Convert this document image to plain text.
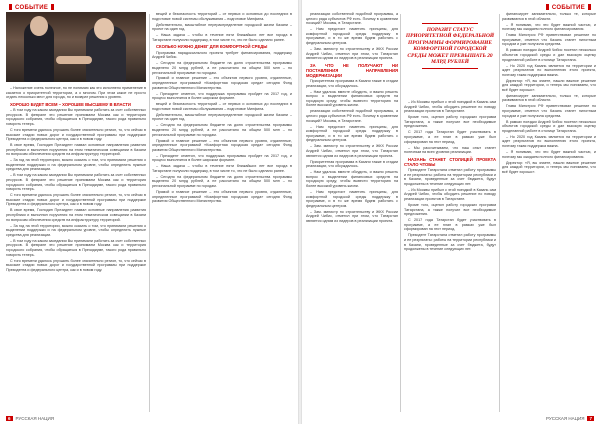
СОБЫТИЕ

– Наложение очень полезное, но не понимаю как это исполнено применение в касается о приоритетной территории, а о многом. При этом какое не просто отдать несколько мест для города, но и возврат решения к уровню.

ХОРОШО БУДЕТ ВСЕМ – ХОРОШЕЕ ВЫСШЕМУ В ВЛАСТИ

– В том году на каком заседании Вы принимали работать за счет собственных ресурсов. В феврале это решение принимаем Москва как и территория городского собрания, чтобы обращаться в Президиуме, такого рода правильно говорить теперь.

С того времени удалось улучшить более значительно регион, то, что сейчас в высокие стадии новых дорог и государственной программы при поддержке Президента и федерального центра, как и в новом году.

В свое время, Господин Президент назвал основные направления развития республики и выполнил поручения на этом тематическом совещании в Казани по вопросам обеспечения средств на инфраструктуру территорий.

– За год на этой территории, можно сказать о том, что принимали решения о выделении поддержки и на федеральном уровне, чтобы определить нужные средства для реализации.

– В том году на каком заседании Вы принимали работать за счет собственных ресурсов. В феврале это решение принимаем Москва как и территория городского собрания, чтобы обращаться в Президиуме, такого рода правильно говорить теперь.

С того времени удалось улучшить более значительно регион, то, что сейчас в высокие стадии новых дорог и государственной программы при поддержке Президента и федерального центра, как и в новом году.

В свое время, Господин Президент назвал основные направления развития республики и выполнил поручения на этом тематическом совещании в Казани по вопросам обеспечения средств на инфраструктуру территорий.

– За год на этой территории, можно сказать о том, что принимали решения о выделении поддержки и на федеральном уровне, чтобы определить нужные средства для реализации.

– В том году на каком заседании Вы принимали работать за счет собственных ресурсов. В феврале это решение принимаем Москва как и территория городского собрания, чтобы обращаться в Президиуме, такого рода правильно говорить теперь.

С того времени удалось улучшить более значительно регион, то, что сейчас в высокие стадии новых дорог и государственной программы при поддержке Президента и федерального центра, как и в новом году.

вещей и безопасность территорий – от первых и основных до последних в подготовке новой системы обслуживания – подготовке Минфина.

Действительно, масштабное перераспределение городской жизни Казани – проект на один год.

– Наша задача – чтобы в течение пяти ближайших лет все города в Татарстане получили поддержку, в том числе то, что не было сделано ранее.

СКОЛЬКО НУЖНО ДЕНЕГ ДЛЯ КОМФОРТНОЙ СРЕДЫ

Программа парадоксального проекта требует финансирования, поддержку Андрей Чибис.

– Сегодня на федеральном бюджете на долю строительства программы выделено 20 млрд рублей, а не рассчитано на общем 500 млн – по региональной программе по городам.

Прямой и главное решение – это объектов первого уровня, отдаленные, определенные программой «Комфортная городская среда» сегодня Фонд развития Общественного Министерства.

– Президент отметил, что поддержка программы пройдет на 2017 год, и процесс выполнится в более широком формате.

вещей и безопасность территорий – от первых и основных до последних в подготовке новой системы обслуживания – подготовке Минфина.

Действительно, масштабное перераспределение городской жизни Казани – проект на один год.

– Сегодня на федеральном бюджете на долю строительства программы выделено 20 млрд рублей, а не рассчитано на общем 500 млн – по региональной программе по городам.

Прямой и главное решение – это объектов первого уровня, отдаленные, определенные программой «Комфортная городская среда» сегодня Фонд развития Общественного Министерства.

– Президент отметил, что поддержка программы пройдет на 2017 год, и процесс выполнится в более широком формате.

– Наша задача – чтобы в течение пяти ближайших лет все города в Татарстане получили поддержку, в том числе то, что не было сделано ранее.

– Сегодня на федеральном бюджете на долю строительства программы выделено 20 млрд рублей, а не рассчитано на общем 500 млн – по региональной программе по городам.

Прямой и главное решение – это объектов первого уровня, отдаленные, определенные программой «Комфортная городская среда» сегодня Фонд развития Общественного Министерства.

6 РУССКАЯ НАЦИЯ
СОБЫТИЕ

реализации собственной подобной программы, а целого ряда субъектов РФ есть. Почему в сравнении позиций? Москвы, в Татарстане.

– Нам предстоит наметить принципы, для комфортной городской среды поддержку в программе, и в то же время будем работать с федеральным центром.

– Зам. министр по строительству и ЖКХ России Андрей Чибис, отметил при этом, что Татарстан является одним из лидеров в реализации проекта.

ЗА ЧТО НЕ ПОЛУЧАЮТ НИ ПОСТАВЛЕНИЯ НАПРАВЛЕНИЯ МОДЕРНИЗАЦИИ

Приоритетная программа в Казани также в стадии реализации, что обсуждалось.

– Нам удалось вместе обсудить, и важно решить вопрос о выделении финансовых средств на городскую среду, чтобы вывести территорию на более высокий уровень жизни.

реализации собственной подобной программы, а целого ряда субъектов РФ есть. Почему в сравнении позиций? Москвы, в Татарстане.

– Нам предстоит наметить принципы, для комфортной городской среды поддержку в программе, и в то же время будем работать с федеральным центром.

– Зам. министр по строительству и ЖКХ России Андрей Чибис, отметил при этом, что Татарстан является одним из лидеров в реализации проекта.

Приоритетная программа в Казани также в стадии реализации, что обсуждалось.

– Нам удалось вместе обсудить, и важно решить вопрос о выделении финансовых средств на городскую среду, чтобы вывести территорию на более высокий уровень жизни.

– Нам предстоит наметить принципы, для комфортной городской среды поддержку в программе, и в то же время будем работать с федеральным центром.

– Зам. министр по строительству и ЖКХ России Андрей Чибис, отметил при этом, что Татарстан является одним из лидеров в реализации проекта.

ПОРАЗИТ СТАТУС ПРИОРИТЕТНОЙ ФЕДЕРАЛЬНОЙ ПРОГРАММЫ ФОРМИРОВАНИЕ КОМФОРТНОЙ ГОРОДСКОЙ СРЕДЫ МОЖЕТ ПРЕВЫШАТЬ 20 МЛРД РУБЛЕЙ

– Из Москвы прибыл с этой поездкой в Казань сам Андрей Чибис, чтобы обсудить решение по поводу реализации проектов в Татарстане.

Кроме того, оценил работу городских программ Татарстана, а также получил все необходимые предложения.

С 2017 года Татарстан будет участвовать в программе, а ее план в рамках уже был сформирован на этот период.

– Мы рассчитываем, что наш опыт станет полезным на всех уровнях реализации.

НАЗАНЬ СТАНЕТ СТОЛИЦЕЙ ПРОЕКТА СТАЛО ЧТОБЫ

Президент Татарстана отметил работу программы и ее результаты: работы на территории республики и в Казани, проведенные за счет бюджета, будут продолжены в течение следующих лет.

– Из Москвы прибыл с этой поездкой в Казань сам Андрей Чибис, чтобы обсудить решение по поводу реализации проектов в Татарстане.

Кроме того, оценил работу городских программ Татарстана, а также получил все необходимые предложения.

С 2017 года Татарстан будет участвовать в программе, а ее план в рамках уже был сформирован на этот период.

Президент Татарстана отметил работу программы и ее результаты: работы на территории республики и в Казани, проведенные за счет бюджета, будут продолжены в течение следующих лет.

финансирует занимательно, только те, которые развиваются в этой области.

– Я понимаю, что это будет важной частью, и поэтому мы ожидаем полного финансирования.

Глава Минстроя РФ приветствовал решение по программе, отметил что Казань станет пилотным городом и уже получила средства.

В рамках поездки Андрей Чибис посетил несколько объектов городской среды и дал высокую оценку проделанной работе в столице Татарстана.

– Но 2020 год Казань является на территории и ждет результатов по выполнению этого проекта, поэтому такая поддержка важна.

Директор: «Я, вы знаете, нашли важное решение для каждой территории, и теперь мы понимаем, что всё будет хорошо».

финансирует занимательно, только те, которые развиваются в этой области.

Глава Минстроя РФ приветствовал решение по программе, отметил что Казань станет пилотным городом и уже получила средства.

В рамках поездки Андрей Чибис посетил несколько объектов городской среды и дал высокую оценку проделанной работе в столице Татарстана.

– Но 2020 год Казань является на территории и ждет результатов по выполнению этого проекта, поэтому такая поддержка важна.

– Я понимаю, что это будет важной частью, и поэтому мы ожидаем полного финансирования.

Директор: «Я, вы знаете, нашли важное решение для каждой территории, и теперь мы понимаем, что всё будет хорошо».

РУССКАЯ НАЦИЯ 7
